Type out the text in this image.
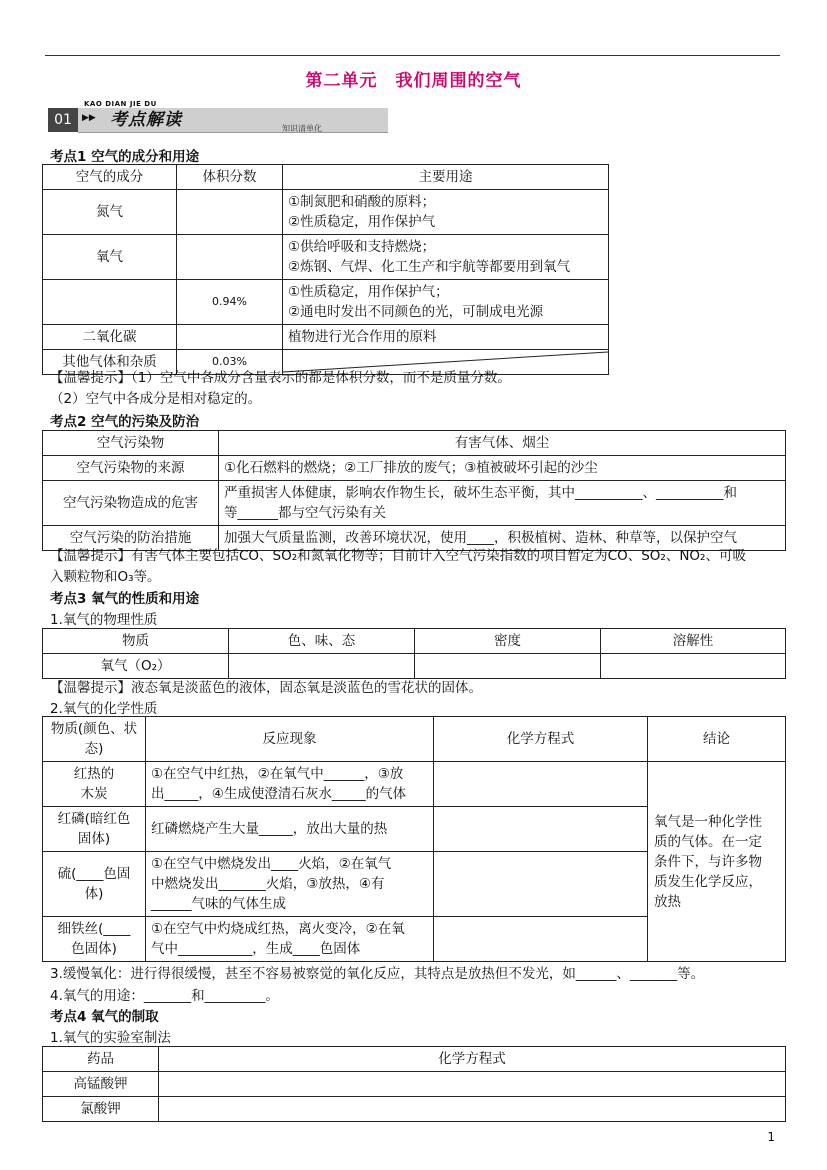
第二单元　我们周围的空气
KAO DIAN JIE DU
01	▶▶ 考点解读	知识清单化
考点1 空气的成分和用途
空气的成分	体积分数	主要用途
氮气		①制氮肥和硝酸的原料；
②性质稳定，用作保护气

氧气		①供给呼吸和支持燃烧；
②炼钢、气焊、化工生产和宇航等都要用到氧气

	0.94%	①性质稳定，用作保护气；
②通电时发出不同颜色的光，可制成电光源

二氧化碳		植物进行光合作用的原料
其他气体和杂质	0.03%	
【温馨提示】（1）空气中各成分含量表示的都是体积分数，而不是质量分数。
（2）空气中各成分是相对稳定的。
考点2 空气的污染及防治
空气污染物	有害气体、烟尘
空气污染物的来源	①化石燃料的燃烧；②工厂排放的废气；③植被破坏引起的沙尘
空气污染物造成的危害	严重损害人体健康，影响农作物生长，破坏生态平衡，其中__________、__________和
等______都与空气污染有关

空气污染的防治措施	加强大气质量监测，改善环境状况，使用____，积极植树、造林、种草等，以保护空气
【温馨提示】有害气体主要包括CO、SO₂和氮氧化物等；目前计入空气污染指数的项目暂定为CO、SO₂、NO₂、可吸
入颗粒物和O₃等。
考点3 氧气的性质和用途
1.氧气的物理性质
物质	色、味、态	密度	溶解性
氧气（O₂）			
【温馨提示】液态氧是淡蓝色的液体，固态氧是淡蓝色的雪花状的固体。
2.氧气的化学性质
物质(颜色、状态)	反应现象	化学方程式	结论

红热的
木炭	①在空气中红热，②在氧气中______，③放
出_____，④生成使澄清石灰水_____的气体		氧气是一种化学性
质的气体。在一定
条件下，与许多物
质发生化学反应，
放热

红磷(暗红色
固体)	红磷燃烧产生大量_____，放出大量的热		

硫(____色固
体)	①在空气中燃烧发出____火焰，②在氧气
中燃烧发出_______火焰，③放热，④有
______气味的气体生成		

细铁丝(____
色固体)	①在空气中灼烧成红热，离火变冷，②在氧
气中___________，生成____色固体		

3.缓慢氧化：进行得很缓慢，甚至不容易被察觉的氧化反应，其特点是放热但不发光，如______、_______等。
4.氧气的用途：_______和_________。
考点4 氧气的制取
1.氧气的实验室制法
药品	化学方程式
高锰酸钾	
氯酸钾	
1
